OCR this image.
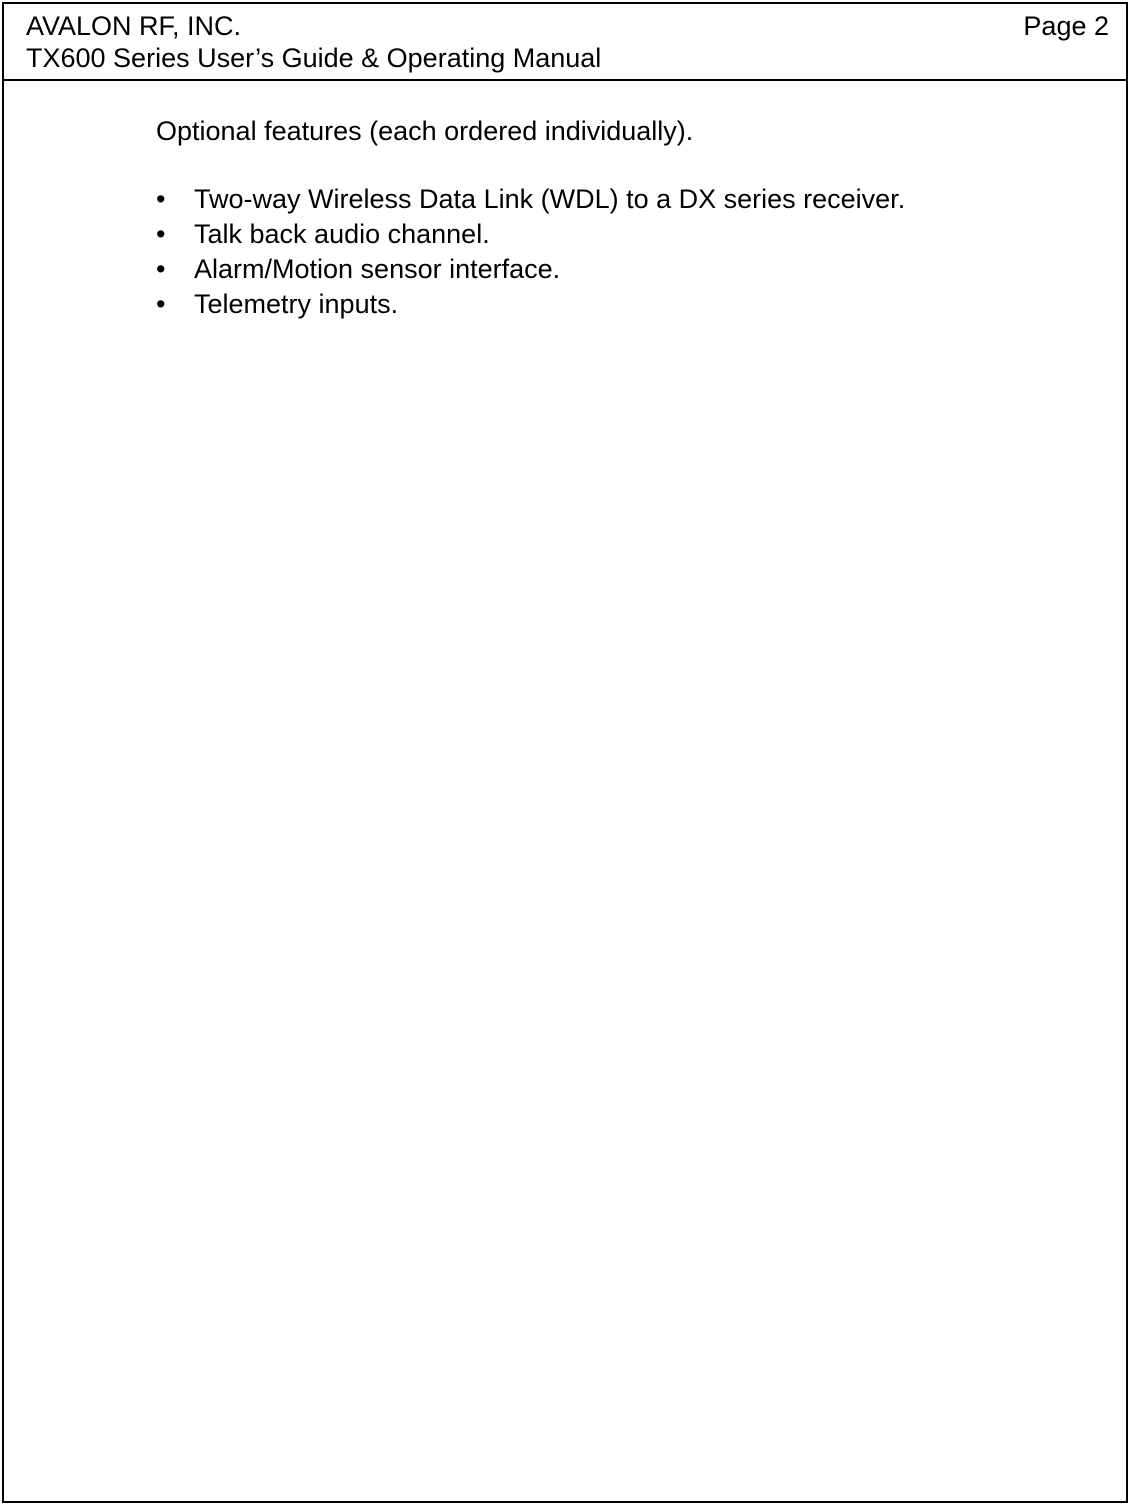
AVALON RF, INC.	Page 2
TX600 Series User’s Guide & Operating Manual

Optional features (each ordered individually).

•	Two-way Wireless Data Link (WDL) to a DX series receiver.
•	Talk back audio channel.
•	Alarm/Motion sensor interface.
•	Telemetry inputs.
